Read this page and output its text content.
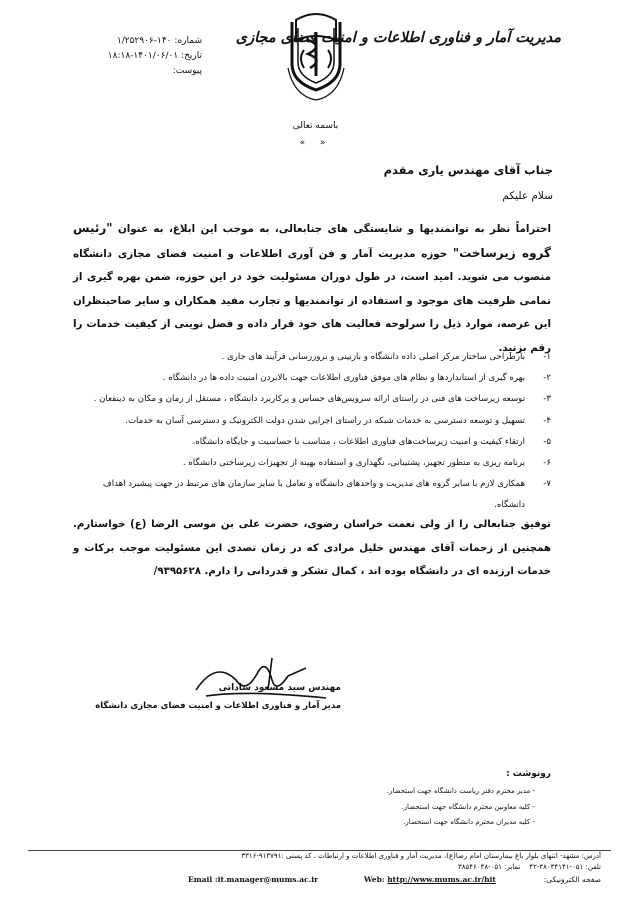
مدیریت آمار و فناوری اطلاعات و امنیت فضای مجازی
شماره: ۱۴۰-۱/۲۵۲۹۰۶
تاریخ: ۱۴۰۱/۰۶/۰۱-۱۸:۱۸
پیوست:
باسمه تعالی
« »
جناب آقای مهندس یاری مقدم
سلام علیکم
احتراماً نظر به توانمندیها و شایستگی های جنابعالی، به موجب این ابلاغ، به عنوان "رئیس گروه زیرساخت" حوزه مدیریت آمار و فن آوری اطلاعات و امنیت فضای مجازی دانشگاه منصوب می شوید. امید است، در طول دوران مسئولیت خود در این حوزه، ضمن بهره گیری از تمامی ظرفیت های موجود و استفاده از توانمندیها و تجارب مفید همکاران و سایر صاحبنظران این عرصه، موارد ذیل را سرلوحه فعالیت های خود قرار داده و فصل نوینی از کیفیت خدمات را رقم بزنید.
۱-
بازطراحی ساختار مرکز اصلی داده دانشگاه و بازبینی و بروزرسانی فرآیند های جاری .
۲-
بهره گیری از استانداردها و نظام های موفق فناوری اطلاعات جهت بالابردن امنیت داده ها در دانشگاه .
۳-
توسعه زیرساخت های فنی در راستای ارائه سرویس‌های حساس و پرکاربرد دانشگاه ، مستقل از زمان و مکان به ذینفعان .
۴-
تسهیل و توسعه دسترسی به خدمات شبکه در راستای اجرایی شدن دولت الکترونیک و دسترسی آسان به خدمات.
۵-
ارتقاء کیفیت و امنیت زیرساخت‌های فناوری اطلاعات ، متناسب با حساسیت و جایگاه دانشگاه.
۶-
برنامه ریزی به منظور تجهیز، پشتیبانی، نگهداری و استفاده بهینه از تجهیزات زیرساختی دانشگاه .
۷-
همکاری لازم با سایر گروه های مدیریت و واحدهای دانشگاه و تعامل با سایر سازمان های مرتبط در جهت پیشبرد اهداف دانشگاه.
توفیق جنابعالی را از ولی نعمت خراسان رضوی، حضرت علی بن موسی الرضا (ع) خواستارم. همچنین از زحمات آقای مهندس خلیل مرادی که در زمان تصدی این مسئولیت موجب برکات و خدمات ارزنده ای در دانشگاه بوده اند ، کمال تشکر و قدردانی را دارم. ۹۳۹۵۶۲۸/
مهندس سید مسعود ساداتی
مدیر آمار و فناوری اطلاعات و امنیت فضای مجازی دانشگاه
رونوشت :
- مدیر محترم دفتر ریاست دانشگاه جهت استحضار.
- کلیه معاونین محترم دانشگاه جهت استحضار.
- کلیه مدیران محترم دانشگاه جهت استحضار.
آدرس: مشهد- انتهای بلوار باغ بیمارستان امام رضا(ع)، مدیریت آمار و فناوری اطلاعات و ارتباطات ، کد پستی :۹۱۳۷۹۱-۳۳۱۶
تلفن: ۰۵۱-۳۸۰۳۴۱۴۱-۴۲    نمابر: ۰۵۱-۳۸۵۴۶۰۴۸
Email :it.manager@mums.ac.ir	Web: http://www.mums.ac.ir/hit	صفحه الکترونیکی:
